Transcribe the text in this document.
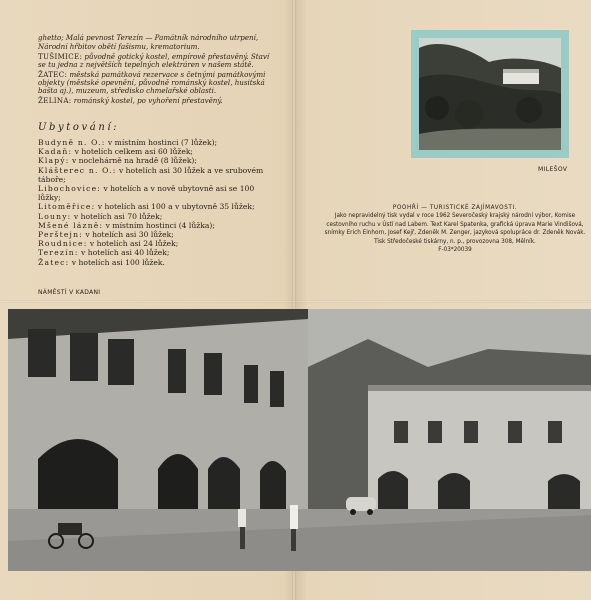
ghetto; Malá pevnost Terezín — Památník národního utrpení,

Národní hřbitov obětí fašismu, krematorium.

TUŠIMICE: původně gotický kostel, empírově přestavěný. Staví se tu jedna z největších tepelných elektráren v našem státě.

ŽATEC: městská památková rezervace s četnými památkovými objekty (městské opevnění, původně románský kostel, husitská bašta aj.), muzeum, středisko chmelařské oblasti.

ŽELINA: románský kostel, po vyhoření přestavěný.

Ubytování:
Budyně n. O.: v místním hostinci (7 lůžek);
Kadaň: v hotelích celkem asi 60 lůžek;
Klapý: v noclehárně na hradě (8 lůžek);
Klášterec n. O.: v hotelích asi 30 lůžek a ve srubovém táboře;
Libochovice: v hotelích a v nově ubytovně asi se 100 lůžky;
Litoměřice: v hotelích asi 100 a v ubytovně 35 lůžek;
Louny: v hotelích asi 70 lůžek;
Mšené lázně: v místním hostinci (4 lůžka);
Peršteјn: v hotelích asi 30 lůžek;
Roudnice: v hotelích asi 24 lůžek;
Terezín: v hotelích asi 40 lůžek;
Žatec: v hotelích asi 100 lůžek.
NÁMĚSTÍ V KADANI
MILEŠOV

POOHŘÍ — TURISTICKÉ ZAJÍMAVOSTI.

Jako nepravidelný tisk vydal v roce 1962 Severočeský krajský národní výbor, Komise cestovního ruchu v Ústí nad Labem. Text Karel Spatenka, grafická úprava Marie Vindišová, snímky Erich Einhorn, Josef Kejř, Zdeněk M. Zenger, jazyková spolupráce dr. Zdeněk Novák. Tisk Středočeské tiskárny, n. p., provozovna 308, Mělník.

F-03*20039
